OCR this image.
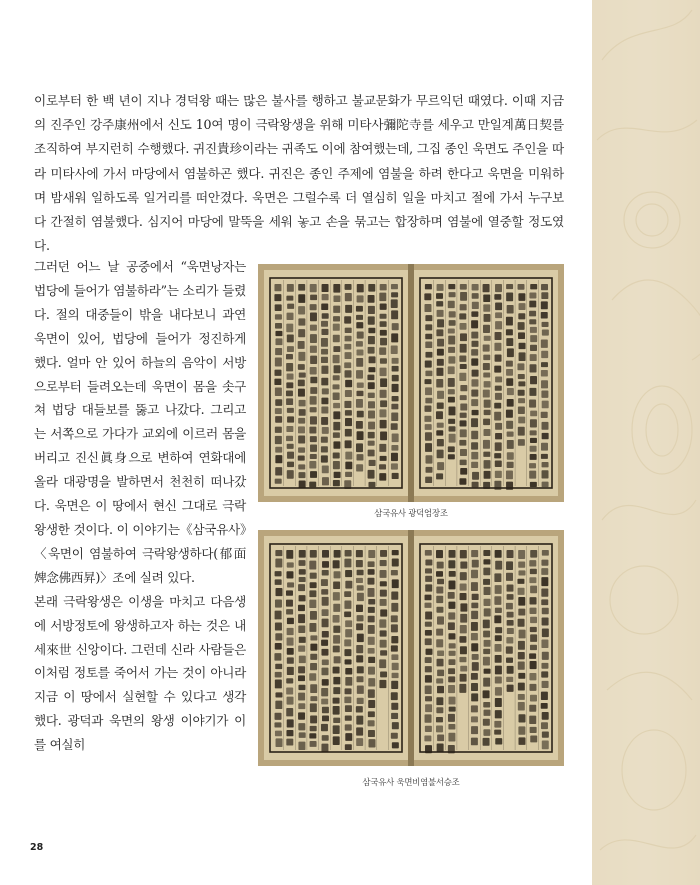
이로부터 한 백 년이 지나 경덕왕 때는 많은 불사를 행하고 불교문화가 무르익던 때였다. 이때 지금의 진주인 강주康州에서 신도 10여 명이 극락왕생을 위해 미타사彌陀寺를 세우고 만일계萬日契를 조직하여 부지런히 수행했다. 귀진貴珍이라는 귀족도 이에 참여했는데, 그집 종인 욱면도 주인을 따라 미타사에 가서 마당에서 염불하곤 했다. 귀진은 종인 주제에 염불을 하려 한다고 욱면을 미워하며 밤새워 일하도록 일거리를 떠안겼다. 욱면은 그럴수록 더 열심히 일을 마치고 절에 가서 누구보다 간절히 염불했다. 심지어 마당에 말뚝을 세워 놓고 손을 묶고는 합장하며 염불에 열중할 정도였다.

그러던 어느 날 공중에서 “욱면낭자는 법당에 들어가 염불하라”는 소리가 들렸다. 절의 대중들이 밖을 내다보니 과연 욱면이 있어, 법당에 들어가 정진하게 했다. 얼마 안 있어 하늘의 음악이 서방으로부터 들려오는데 욱면이 몸을 솟구쳐 법당 대들보를 뚫고 나갔다. 그리고는 서쪽으로 가다가 교외에 이르러 몸을 버리고 진신眞身으로 변하여 연화대에 올라 대광명을 발하면서 천천히 떠나갔다. 욱면은 이 땅에서 현신 그대로 극락왕생한 것이다. 이 이야기는《삼국유사》〈욱면이 염불하여 극락왕생하다(郁面婢念佛西昇)〉조에 실려 있다.

본래 극락왕생은 이생을 마치고 다음생에 서방정토에 왕생하고자 하는 것은 내세來世 신앙이다. 그런데 신라 사람들은 이처럼 정토를 죽어서 가는 것이 아니라 지금 이 땅에서 실현할 수 있다고 생각했다. 광덕과 욱면의 왕생 이야기가 이를 여실히

삼국유사 광덕엄장조
삼국유사 욱면비염불서승조
28
